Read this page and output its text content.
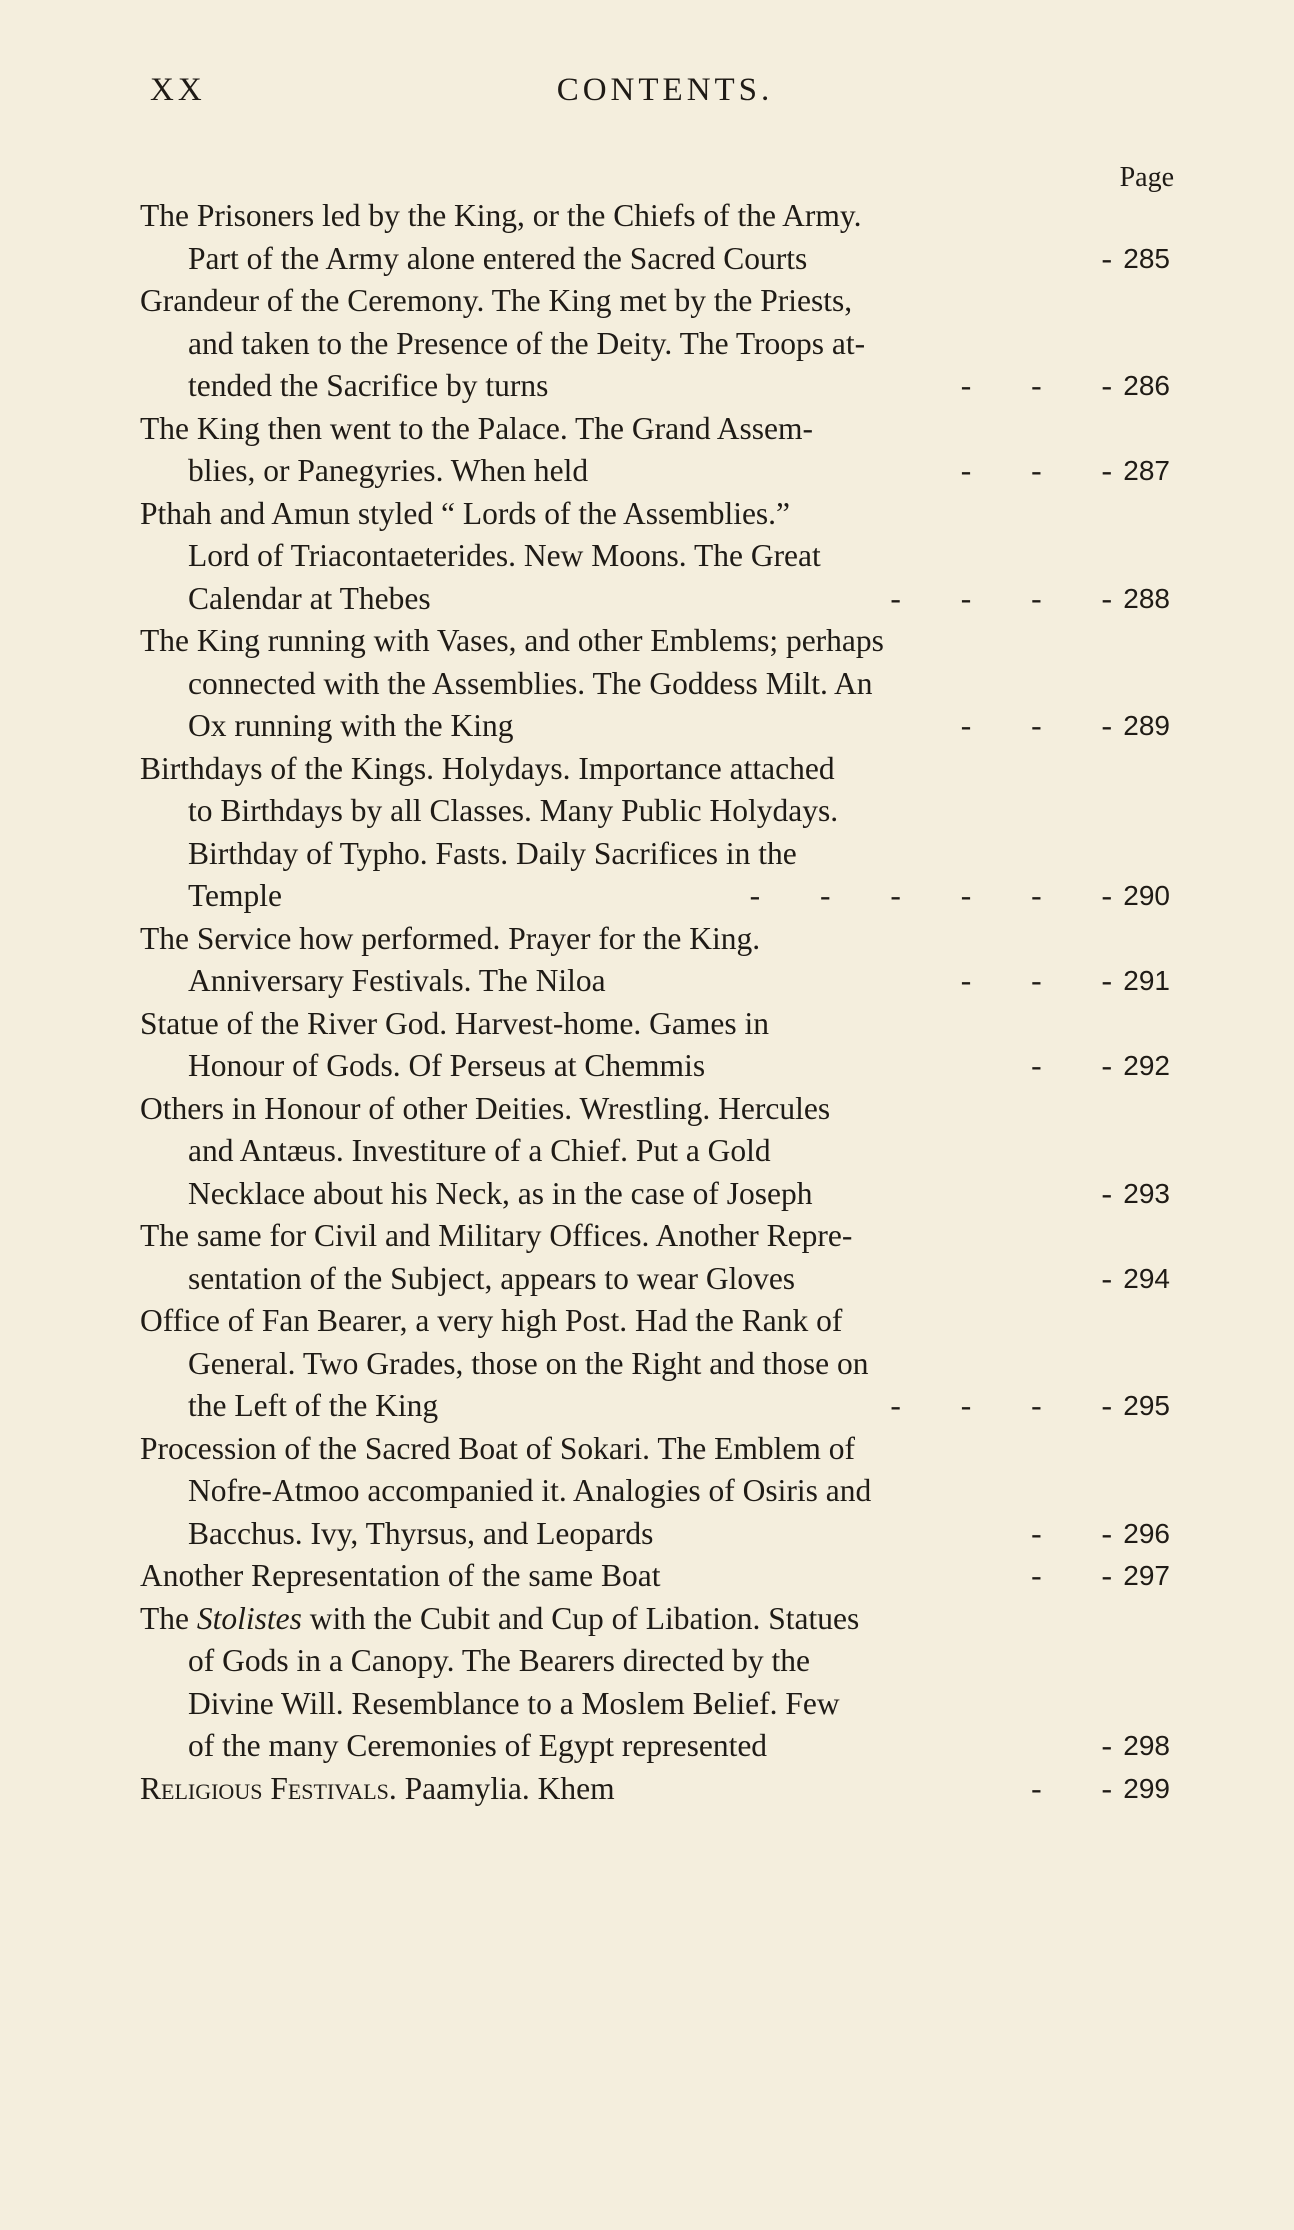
XX	CONTENTS.
Page
The Prisoners led by the King, or the Chiefs of the Army.
Part of the Army alone entered the Sacred Courts	- 285
Grandeur of the Ceremony. The King met by the Priests,
and taken to the Presence of the Deity. The Troops at-
tended the Sacrifice by turns	- - - 286
The King then went to the Palace. The Grand Assem-
blies, or Panegyries. When held	- - - 287
Pthah and Amun styled “ Lords of the Assemblies.”
Lord of Triacontaeterides. New Moons. The Great
Calendar at Thebes	- - - - 288
The King running with Vases, and other Emblems; perhaps
connected with the Assemblies. The Goddess Milt. An
Ox running with the King	- - - 289
Birthdays of the Kings. Holydays. Importance attached
to Birthdays by all Classes. Many Public Holydays.
Birthday of Typho. Fasts. Daily Sacrifices in the
Temple	- - - - - - 290
The Service how performed. Prayer for the King.
Anniversary Festivals. The Niloa	- - - 291
Statue of the River God. Harvest-home. Games in
Honour of Gods. Of Perseus at Chemmis	- - 292
Others in Honour of other Deities. Wrestling. Hercules
and Antæus. Investiture of a Chief. Put a Gold
Necklace about his Neck, as in the case of Joseph	- 293
The same for Civil and Military Offices. Another Repre-
sentation of the Subject, appears to wear Gloves	- 294
Office of Fan Bearer, a very high Post. Had the Rank of
General. Two Grades, those on the Right and those on
the Left of the King	- - - - 295
Procession of the Sacred Boat of Sokari. The Emblem of
Nofre-Atmoo accompanied it. Analogies of Osiris and
Bacchus. Ivy, Thyrsus, and Leopards	- - 296
Another Representation of the same Boat	- - 297
The Stolistes with the Cubit and Cup of Libation. Statues
of Gods in a Canopy. The Bearers directed by the
Divine Will. Resemblance to a Moslem Belief. Few
of the many Ceremonies of Egypt represented	- 298
Religious Festivals. Paamylia. Khem	- - 299
